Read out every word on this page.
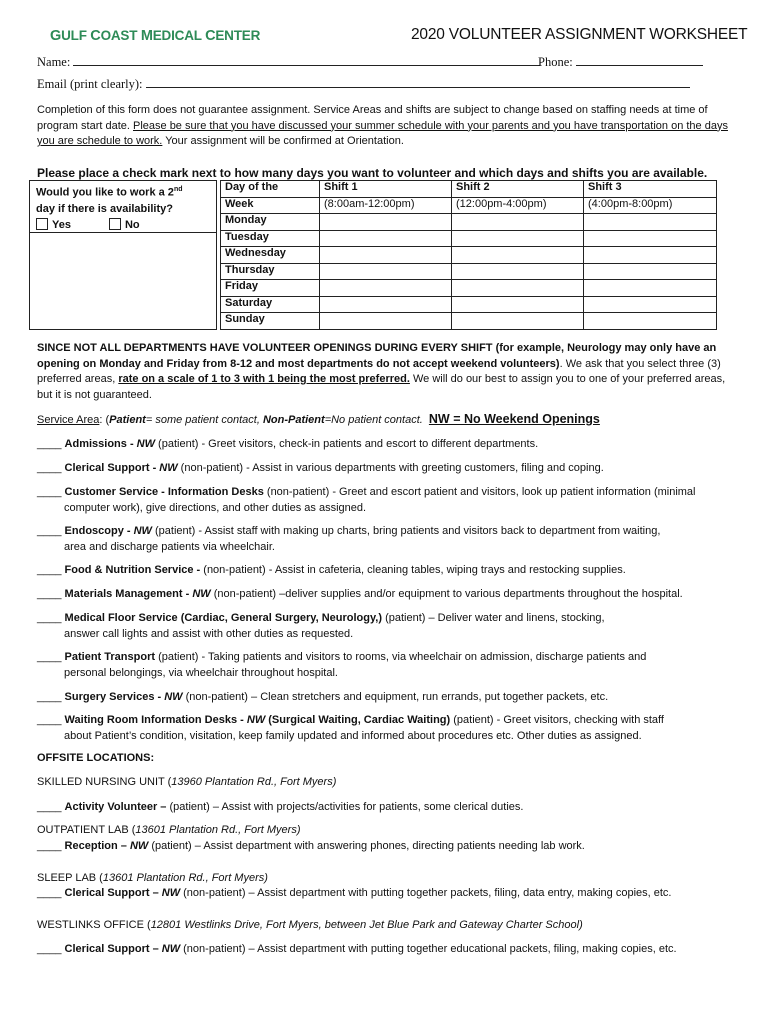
GULF COAST MEDICAL CENTER	2020 VOLUNTEER ASSIGNMENT WORKSHEET
Name:	Phone:
Email (print clearly):
Completion of this form does not guarantee assignment. Service Areas and shifts are subject to change based on staffing needs at time of program start date. Please be sure that you have discussed your summer schedule with your parents and you have transportation on the days you are schedule to work. Your assignment will be confirmed at Orientation.
Please place a check mark next to how many days you want to volunteer and which days and shifts you are available.
Would you like to work a 2nd
day if there is availability?
Yes No		Day of the	Shift 1	Shift 2	Shift 3
		Week	(8:00am-12:00pm)	(12:00pm-4:00pm)	(4:00pm-8:00pm)
		Monday			
		Tuesday			
		Wednesday			
		Thursday			
		Friday			
		Saturday			
		Sunday			
SINCE NOT ALL DEPARTMENTS HAVE VOLUNTEER OPENINGS DURING EVERY SHIFT (for example, Neurology may only have an opening on Monday and Friday from 8-12 and most departments do not accept weekend volunteers). We ask that you select three (3) preferred areas, rate on a scale of 1 to 3 with 1 being the most preferred. We will do our best to assign you to one of your preferred areas, but it is not guaranteed.
Service Area: (Patient= some patient contact, Non-Patient=No patient contact. NW = No Weekend Openings
____ Admissions - NW (patient) - Greet visitors, check-in patients and escort to different departments.
____ Clerical Support - NW (non-patient) - Assist in various departments with greeting customers, filing and coping.
____ Customer Service - Information Desks (non-patient) - Greet and escort patient and visitors, look up patient information (minimal
computer work), give directions, and other duties as assigned.
____ Endoscopy - NW (patient) - Assist staff with making up charts, bring patients and visitors back to department from waiting,
area and discharge patients via wheelchair.
____ Food & Nutrition Service - (non-patient) - Assist in cafeteria, cleaning tables, wiping trays and restocking supplies.
____ Materials Management - NW (non-patient) –deliver supplies and/or equipment to various departments throughout the hospital.
____ Medical Floor Service (Cardiac, General Surgery, Neurology,) (patient) – Deliver water and linens, stocking,
answer call lights and assist with other duties as requested.
____ Patient Transport (patient) - Taking patients and visitors to rooms, via wheelchair on admission, discharge patients and
personal belongings, via wheelchair throughout hospital.
____ Surgery Services - NW (non-patient) – Clean stretchers and equipment, run errands, put together packets, etc.
____ Waiting Room Information Desks - NW (Surgical Waiting, Cardiac Waiting) (patient) - Greet visitors, checking with staff
about Patient’s condition, visitation, keep family updated and informed about procedures etc. Other duties as assigned.
OFFSITE LOCATIONS:
SKILLED NURSING UNIT (13960 Plantation Rd., Fort Myers)
____ Activity Volunteer – (patient) – Assist with projects/activities for patients, some clerical duties.
OUTPATIENT LAB (13601 Plantation Rd., Fort Myers)
____ Reception – NW (patient) – Assist department with answering phones, directing patients needing lab work.
SLEEP LAB (13601 Plantation Rd., Fort Myers)
____ Clerical Support – NW (non-patient) – Assist department with putting together packets, filing, data entry, making copies, etc.
WESTLINKS OFFICE (12801 Westlinks Drive, Fort Myers, between Jet Blue Park and Gateway Charter School)
____ Clerical Support – NW (non-patient) – Assist department with putting together educational packets, filing, making copies, etc.
